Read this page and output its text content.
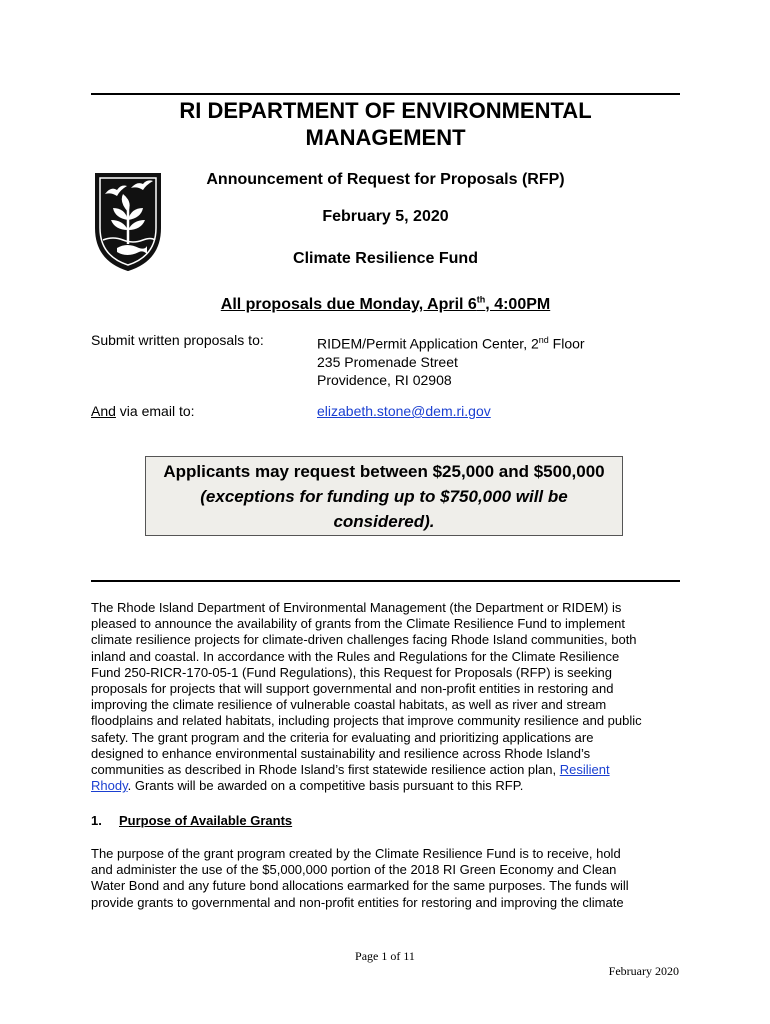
RI DEPARTMENT OF ENVIRONMENTAL
MANAGEMENT
Announcement of Request for Proposals (RFP)
February 5, 2020
Climate Resilience Fund
All proposals due Monday, April 6th, 4:00PM
Submit written proposals to:	RIDEM/Permit Application Center, 2nd Floor
235 Promenade Street
Providence, RI 02908
And via email to:	elizabeth.stone@dem.ri.gov
Applicants may request between $25,000 and $500,000
(exceptions for funding up to $750,000 will be
considered).
The Rhode Island Department of Environmental Management (the Department or RIDEM) is
pleased to announce the availability of grants from the Climate Resilience Fund to implement
climate resilience projects for climate-driven challenges facing Rhode Island communities, both
inland and coastal. In accordance with the Rules and Regulations for the Climate Resilience
Fund 250-RICR-170-05-1 (Fund Regulations), this Request for Proposals (RFP) is seeking
proposals for projects that will support governmental and non-profit entities in restoring and
improving the climate resilience of vulnerable coastal habitats, as well as river and stream
floodplains and related habitats, including projects that improve community resilience and public
safety. The grant program and the criteria for evaluating and prioritizing applications are
designed to enhance environmental sustainability and resilience across Rhode Island’s
communities as described in Rhode Island’s first statewide resilience action plan, Resilient
Rhody. Grants will be awarded on a competitive basis pursuant to this RFP.
1. Purpose of Available Grants
The purpose of the grant program created by the Climate Resilience Fund is to receive, hold
and administer the use of the $5,000,000 portion of the 2018 RI Green Economy and Clean
Water Bond and any future bond allocations earmarked for the same purposes. The funds will
provide grants to governmental and non-profit entities for restoring and improving the climate
Page 1 of 11
February 2020
